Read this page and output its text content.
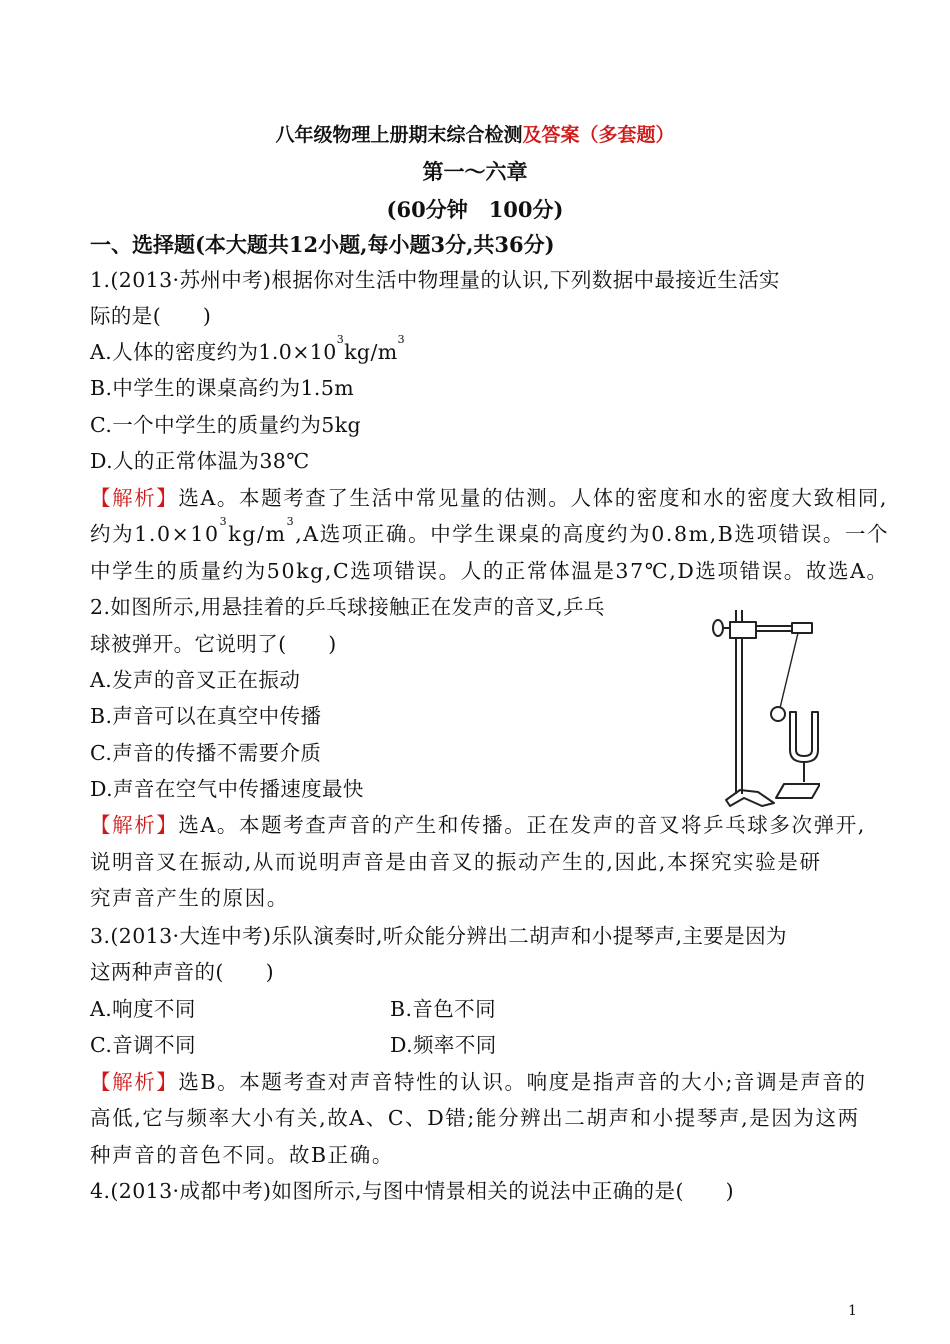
八年级物理上册期末综合检测及答案（多套题）
第一～六章
(60分钟　100分)
一、选择题(本大题共12小题,每小题3分,共36分)
1.(2013·苏州中考)根据你对生活中物理量的认识,下列数据中最接近生活实
际的是(　　)
A.人体的密度约为$1.0\times 10^3kg/m^3$
B.中学生的课桌高约为1.5m
C.一个中学生的质量约为5kg
D.人的正常体温为38℃
【解析】选A。本题考查了生活中常见量的估测。人体的密度和水的密度大致相同,
约为$1.0\times 10^3kg/m^3,A$选项正确。中学生课桌的高度约为0.8m,B选项错误。一个
中学生的质量约为50kg,C选项错误。人的正常体温是37℃,D选项错误。故选A。
2.如图所示,用悬挂着的乒乓球接触正在发声的音叉,乒乓
球被弹开。它说明了(　　)
A.发声的音叉正在振动
B.声音可以在真空中传播
C.声音的传播不需要介质
D.声音在空气中传播速度最快
【解析】选A。本题考查声音的产生和传播。正在发声的音叉将乒乓球多次弹开,
说明音叉在振动,从而说明声音是由音叉的振动产生的,因此,本探究实验是研
究声音产生的原因。
3.(2013·大连中考)乐队演奏时,听众能分辨出二胡声和小提琴声,主要是因为
这两种声音的(　　)
A.响度不同	B.音色不同
C.音调不同	D.频率不同
【解析】选B。本题考查对声音特性的认识。响度是指声音的大小;音调是声音的
高低,它与频率大小有关,故A、C、D错;能分辨出二胡声和小提琴声,是因为这两
种声音的音色不同。故B正确。
4.(2013·成都中考)如图所示,与图中情景相关的说法中正确的是(　　)
1
